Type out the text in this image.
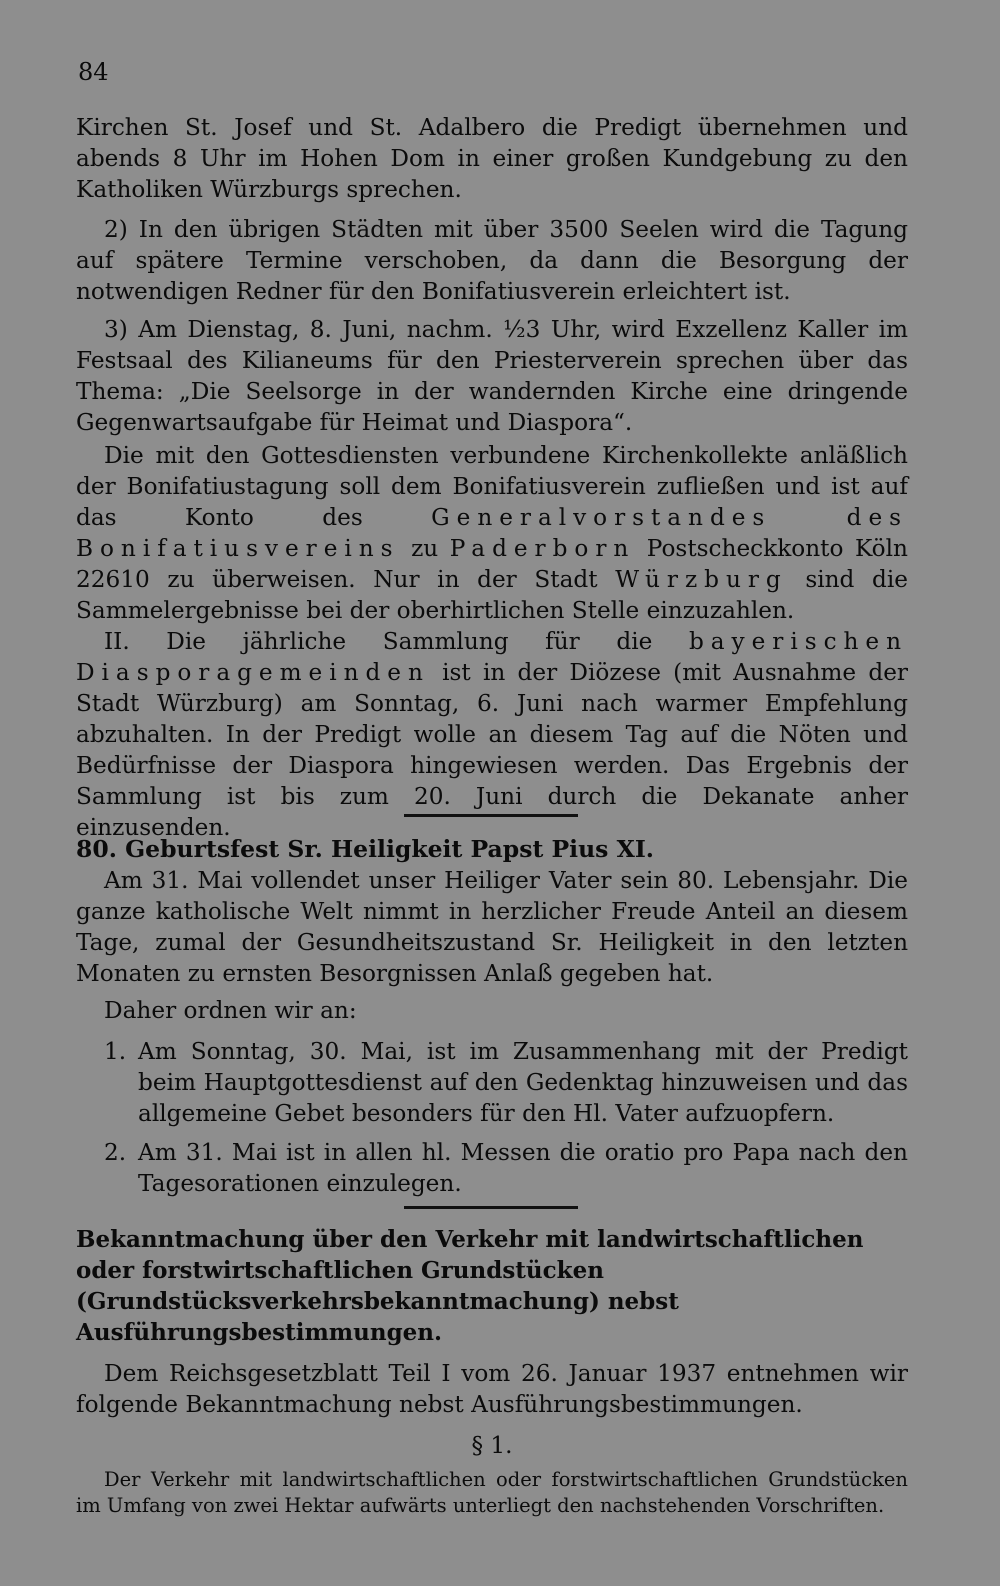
84

Kirchen St. Josef und St. Adalbero die Predigt übernehmen und abends 8 Uhr im Hohen Dom in einer großen Kundgebung zu den Katholiken Würzburgs sprechen.

2) In den übrigen Städten mit über 3500 Seelen wird die Tagung auf spätere Termine verschoben, da dann die Besorgung der notwendigen Redner für den Bonifatiusverein erleichtert ist.

3) Am Dienstag, 8. Juni, nachm. ½3 Uhr, wird Exzellenz Kaller im Festsaal des Kilianeums für den Priesterverein sprechen über das Thema: „Die Seelsorge in der wandernden Kirche eine dringende Gegenwartsaufgabe für Heimat und Diaspora“.

Die mit den Gottesdiensten verbundene Kirchenkollekte anläßlich der Bonifatiustagung soll dem Bonifatiusverein zufließen und ist auf das Konto des Generalvorstandes des Bonifatiusvereins zu Paderborn Postscheckkonto Köln 22610 zu überweisen. Nur in der Stadt Würzburg sind die Sammelergebnisse bei der oberhirtlichen Stelle einzuzahlen.

II. Die jährliche Sammlung für die bayerischen Diasporagemeinden ist in der Diözese (mit Ausnahme der Stadt Würzburg) am Sonntag, 6. Juni nach warmer Empfehlung abzuhalten. In der Predigt wolle an diesem Tag auf die Nöten und Bedürfnisse der Diaspora hingewiesen werden. Das Ergebnis der Sammlung ist bis zum 20. Juni durch die Dekanate anher einzusenden.

80. Geburtsfest Sr. Heiligkeit Papst Pius XI.

Am 31. Mai vollendet unser Heiliger Vater sein 80. Lebensjahr. Die ganze katholische Welt nimmt in herzlicher Freude Anteil an diesem Tage, zumal der Gesundheitszustand Sr. Heiligkeit in den letzten Monaten zu ernsten Besorgnissen Anlaß gegeben hat.

Daher ordnen wir an:

1. Am Sonntag, 30. Mai, ist im Zusammenhang mit der Predigt beim Hauptgottesdienst auf den Gedenktag hinzuweisen und das allgemeine Gebet besonders für den Hl. Vater aufzuopfern.
2. Am 31. Mai ist in allen hl. Messen die oratio pro Papa nach den Tagesorationen einzulegen.

Bekanntmachung über den Verkehr mit landwirtschaftlichen oder forstwirtschaftlichen Grundstücken (Grundstücksverkehrsbekanntmachung) nebst Ausführungsbestimmungen.

Dem Reichsgesetzblatt Teil I vom 26. Januar 1937 entnehmen wir folgende Bekanntmachung nebst Ausführungsbestimmungen.

§ 1.

Der Verkehr mit landwirtschaftlichen oder forstwirtschaftlichen Grundstücken im Umfang von zwei Hektar aufwärts unterliegt den nachstehenden Vorschriften.
